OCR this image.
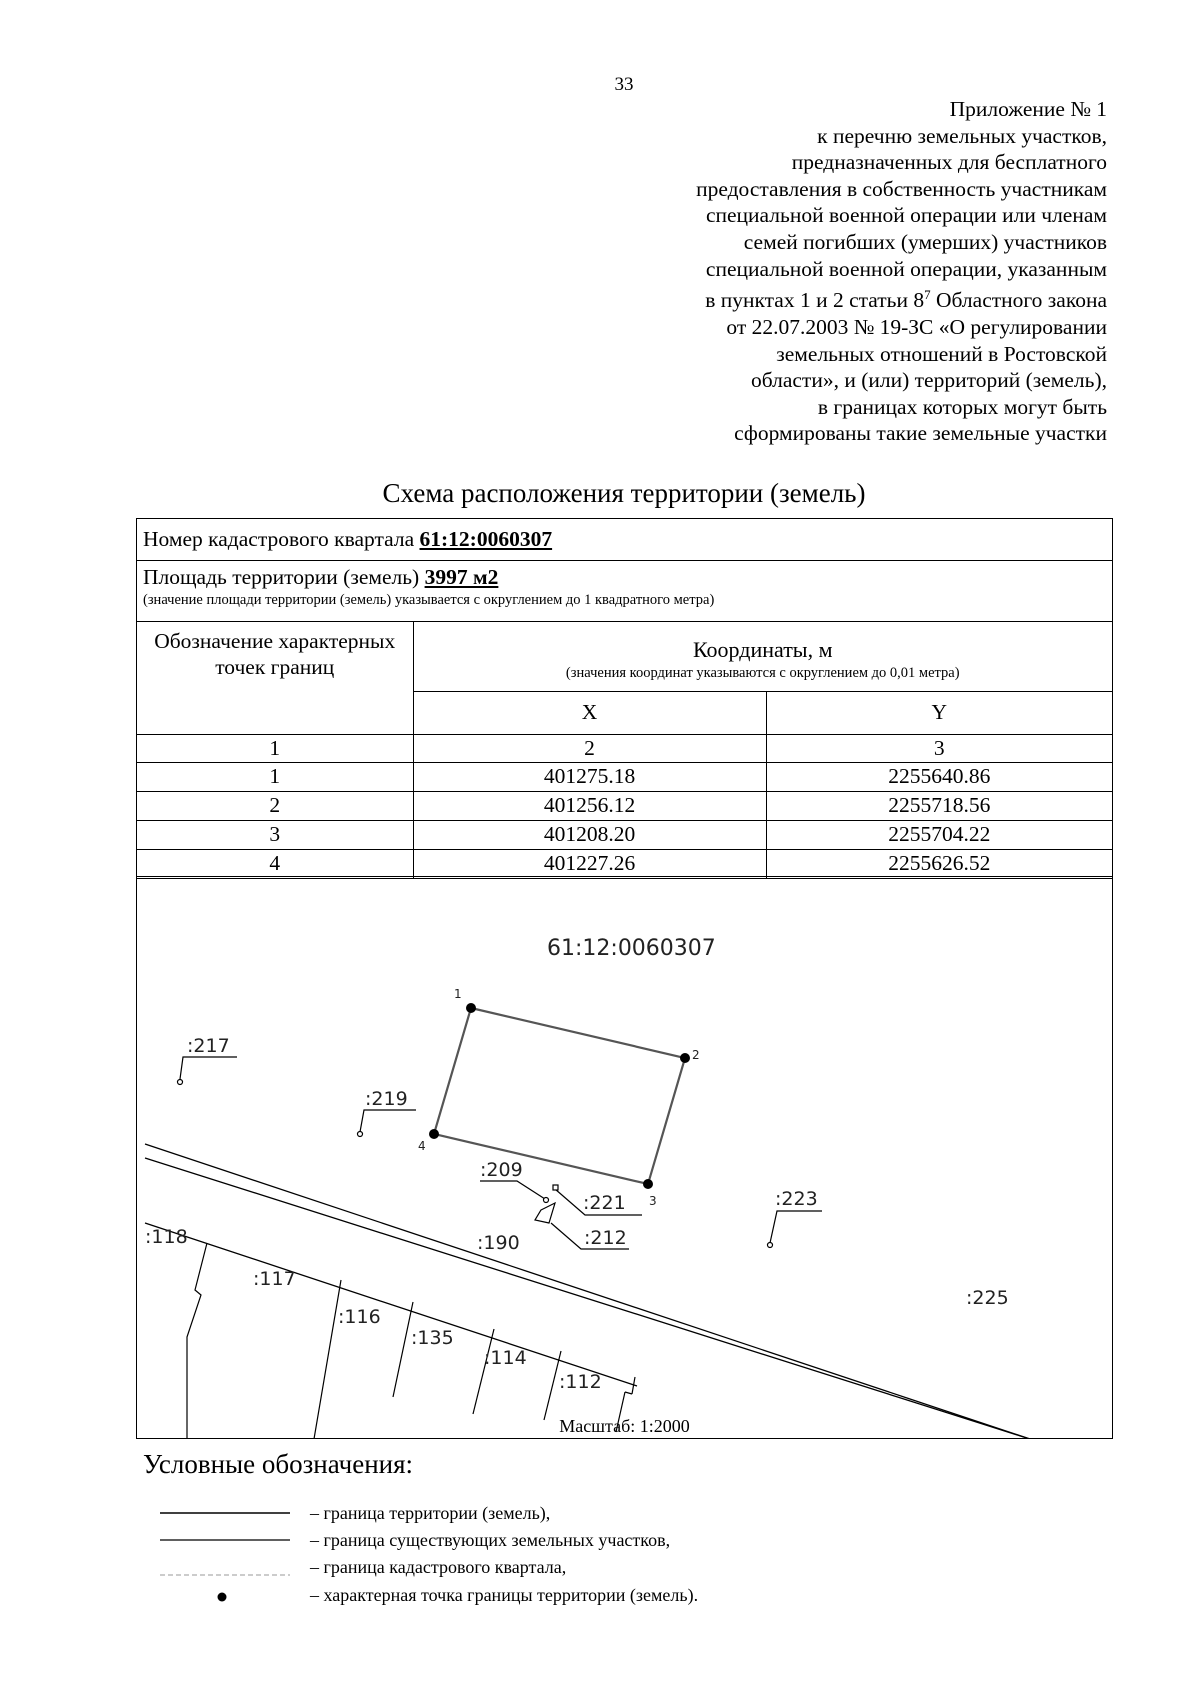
33
Приложение № 1
к перечню земельных участков,
предназначенных для бесплатного
предоставления в собственность участникам
специальной военной операции или членам
семей погибших (умерших) участников
специальной военной операции, указанным
в пунктах 1 и 2 статьи $8^7$ Областного закона
от 22.07.2003 № 19-ЗС «О регулировании
земельных отношений в Ростовской
области», и (или) территорий (земель),
в границах которых могут быть
сформированы такие земельные участки
Схема расположения территории (земель)
Номер кадастрового квартала 61:12:0060307
Площадь территории (земель) 3997 м2
(значение площади территории (земель) указывается с округлением до 1 квадратного метра)
Обозначение характерных точек границ	Координаты, м
(значения координат указываются с округлением до 0,01 метра)	

	X	Y
1	2	3
1	401275.18	2255640.86
2	401256.12	2255718.56
3	401208.20	2255704.22
4	401227.26	2255626.52
61:12:0060307
1
2
3
4
:217
:219
:209
:221
:212
:223
:190
:118
:117
:116
:135
:114
:112
:225
Масштаб: 1:2000
Условные обозначения:
– граница территории (земель),
– граница существующих земельных участков,
– граница кадастрового квартала,
– характерная точка границы территории (земель).
